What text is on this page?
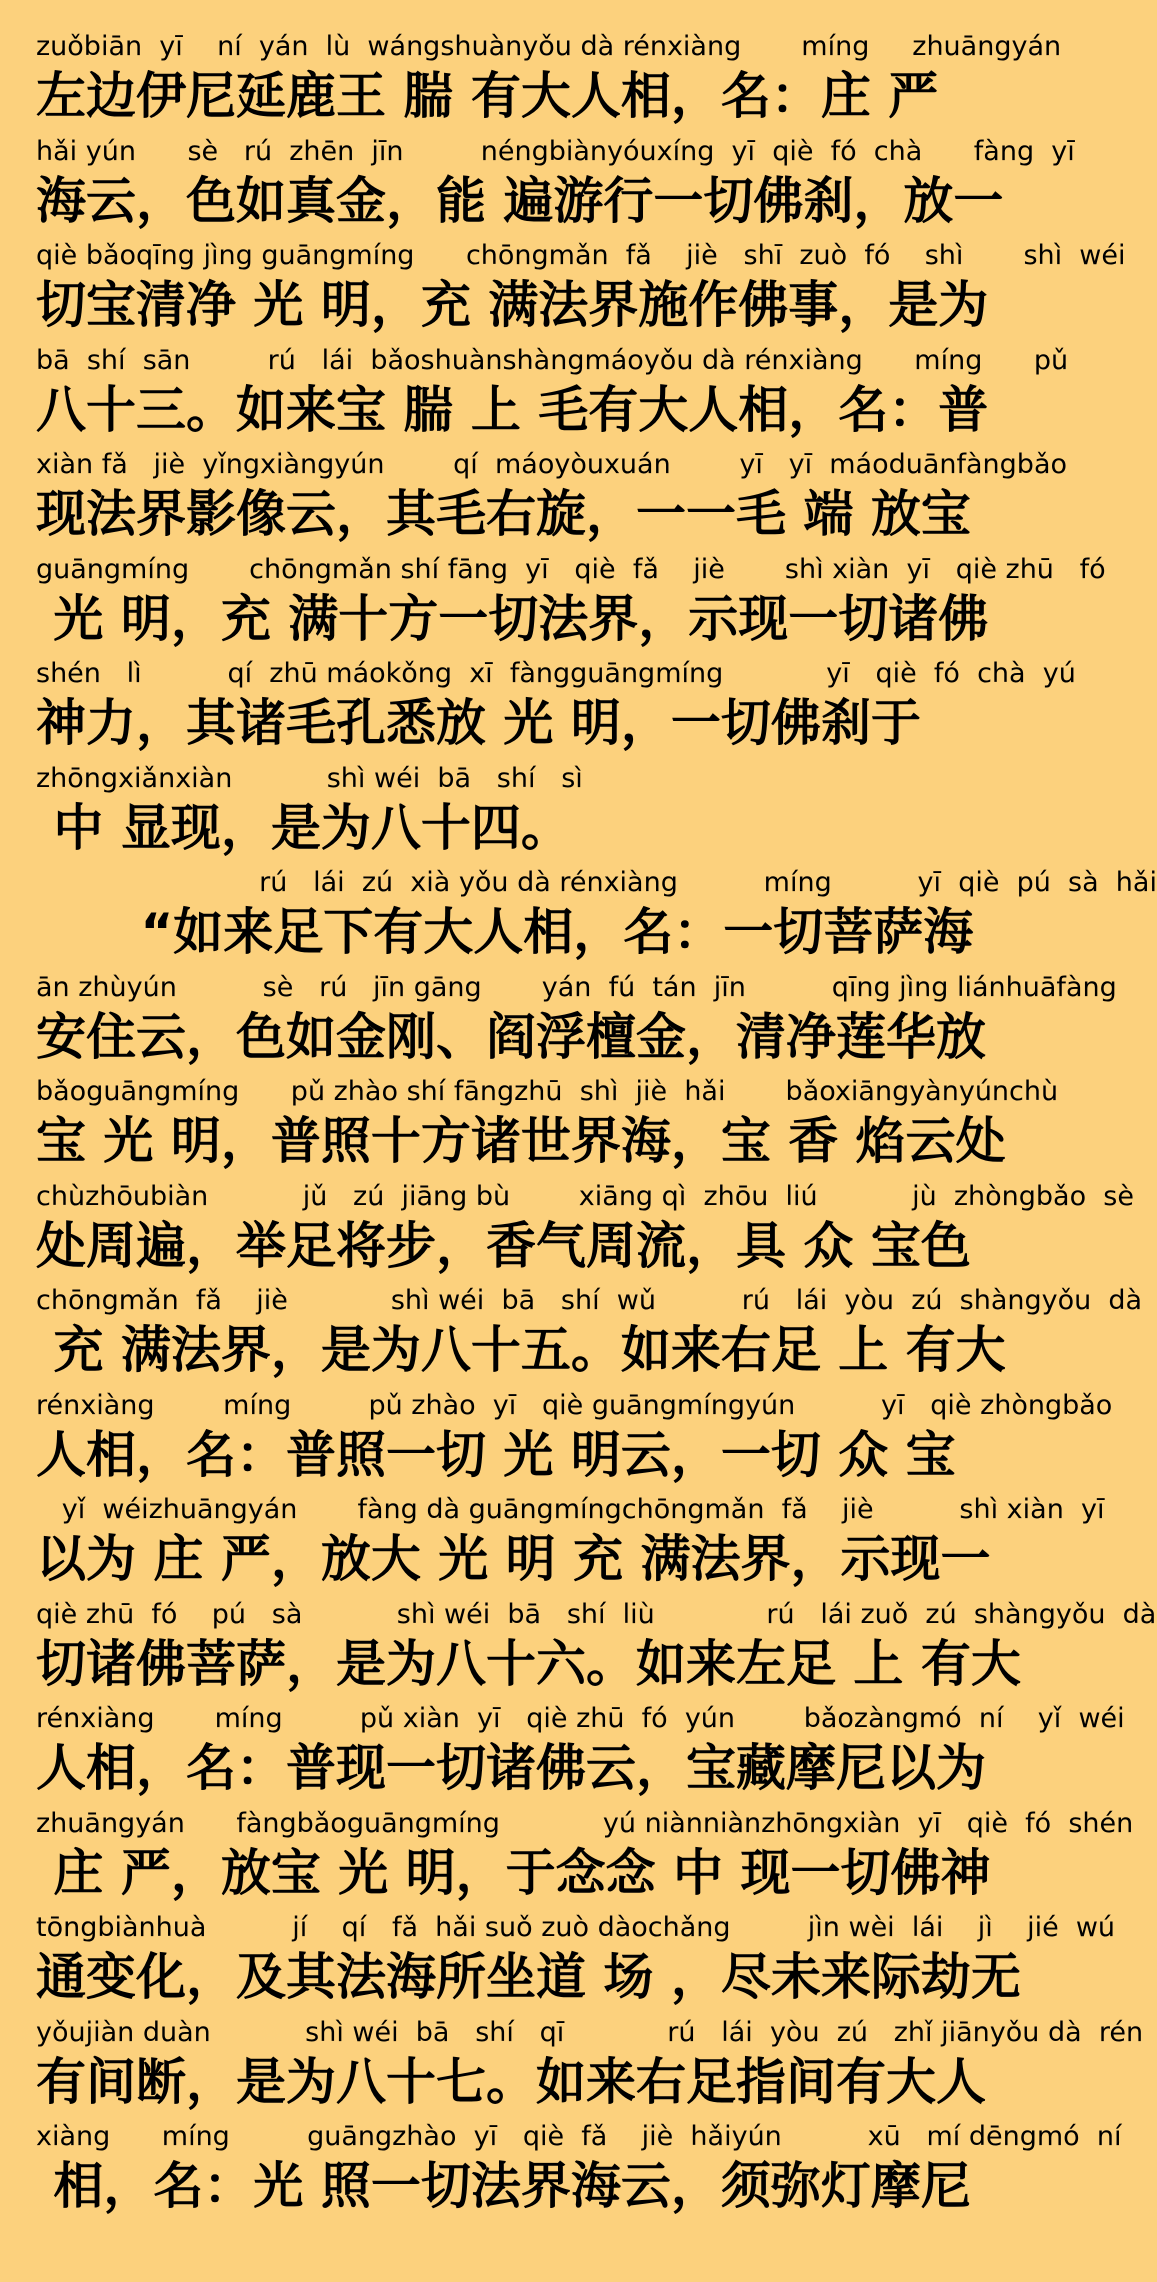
zuǒbiān  yī    ní  yán  lù  wángshuànyǒu dà rénxiàng       míng     zhuāngyán
左边伊尼延鹿王 腨 有大人相，名：庄 严
hǎi yún      sè   rú  zhēn  jīn         néngbiànyóuxíng  yī  qiè  fó  chà      fàng  yī
海云，色如真金，能 遍游行一切佛刹，放一
qiè bǎoqīng jìng guāngmíng      chōngmǎn  fǎ    jiè   shī  zuò  fó    shì       shì  wéi
切宝清净 光 明，充 满法界施作佛事，是为
bā  shí  sān         rú   lái  bǎoshuànshàngmáoyǒu dà rénxiàng      míng      pǔ
八十三。如来宝 腨 上 毛有大人相，名：普
xiàn fǎ   jiè  yǐngxiàngyún        qí  máoyòuxuán        yī   yī  máoduānfàngbǎo
现法界影像云，其毛右旋，一一毛 端 放宝
guāngmíng       chōngmǎn shí fāng  yī   qiè  fǎ    jiè       shì xiàn  yī   qiè zhū   fó
光 明，充 满十方一切法界，示现一切诸佛
shén   lì          qí  zhū máokǒng  xī  fàngguāngmíng            yī   qiè  fó  chà  yú
神力，其诸毛孔悉放 光 明，一切佛刹于
zhōngxiǎnxiàn           shì wéi  bā   shí   sì
中 显现，是为八十四。
rú   lái  zú  xià yǒu dà rénxiàng          míng          yī  qiè  pú  sà  hǎi
“如来足下有大人相，名：一切菩萨海
ān zhùyún          sè   rú   jīn gāng       yán  fú  tán  jīn          qīng jìng liánhuāfàng
安住云，色如金刚、阎浮檀金，清净莲华放
bǎoguāngmíng      pǔ zhào shí fāngzhū  shì  jiè  hǎi       bǎoxiāngyànyúnchù
宝 光 明，普照十方诸世界海，宝 香 焰云处
chùzhōubiàn           jǔ   zú  jiāng bù        xiāng qì  zhōu  liú           jù  zhòngbǎo  sè
处周遍，举足将步，香气周流，具 众 宝色
chōngmǎn  fǎ    jiè            shì wéi  bā   shí  wǔ          rú   lái  yòu  zú  shàngyǒu  dà
充 满法界，是为八十五。如来右足 上 有大
rénxiàng        míng         pǔ zhào  yī   qiè guāngmíngyún          yī   qiè zhòngbǎo
人相，名：普照一切 光 明云，一切 众 宝
yǐ  wéizhuāngyán       fàng dà guāngmíngchōngmǎn  fǎ    jiè          shì xiàn  yī
以为 庄 严，放大 光 明 充 满法界，示现一
qiè zhū  fó    pú   sà           shì wéi  bā   shí  liù             rú   lái zuǒ  zú  shàngyǒu  dà
切诸佛菩萨，是为八十六。如来左足 上 有大
rénxiàng       míng         pǔ xiàn  yī   qiè zhū  fó  yún        bǎozàngmó  ní    yǐ  wéi
人相，名：普现一切诸佛云，宝藏摩尼以为
zhuāngyán      fàngbǎoguāngmíng            yú niànniànzhōngxiàn  yī   qiè  fó  shén
庄 严，放宝 光 明，于念念 中 现一切佛神
tōngbiànhuà          jí    qí   fǎ  hǎi suǒ zuò dàochǎng         jìn wèi  lái    jì    jié  wú
通变化，及其法海所坐道 场 ，尽未来际劫无
yǒujiàn duàn           shì wéi  bā   shí   qī            rú   lái  yòu  zú   zhǐ jiānyǒu dà  rén
有间断，是为八十七。如来右足指间有大人
xiàng      míng         guāngzhào  yī   qiè  fǎ    jiè  hǎiyún          xū   mí dēngmó  ní
相，名：光 照一切法界海云，须弥灯摩尼
